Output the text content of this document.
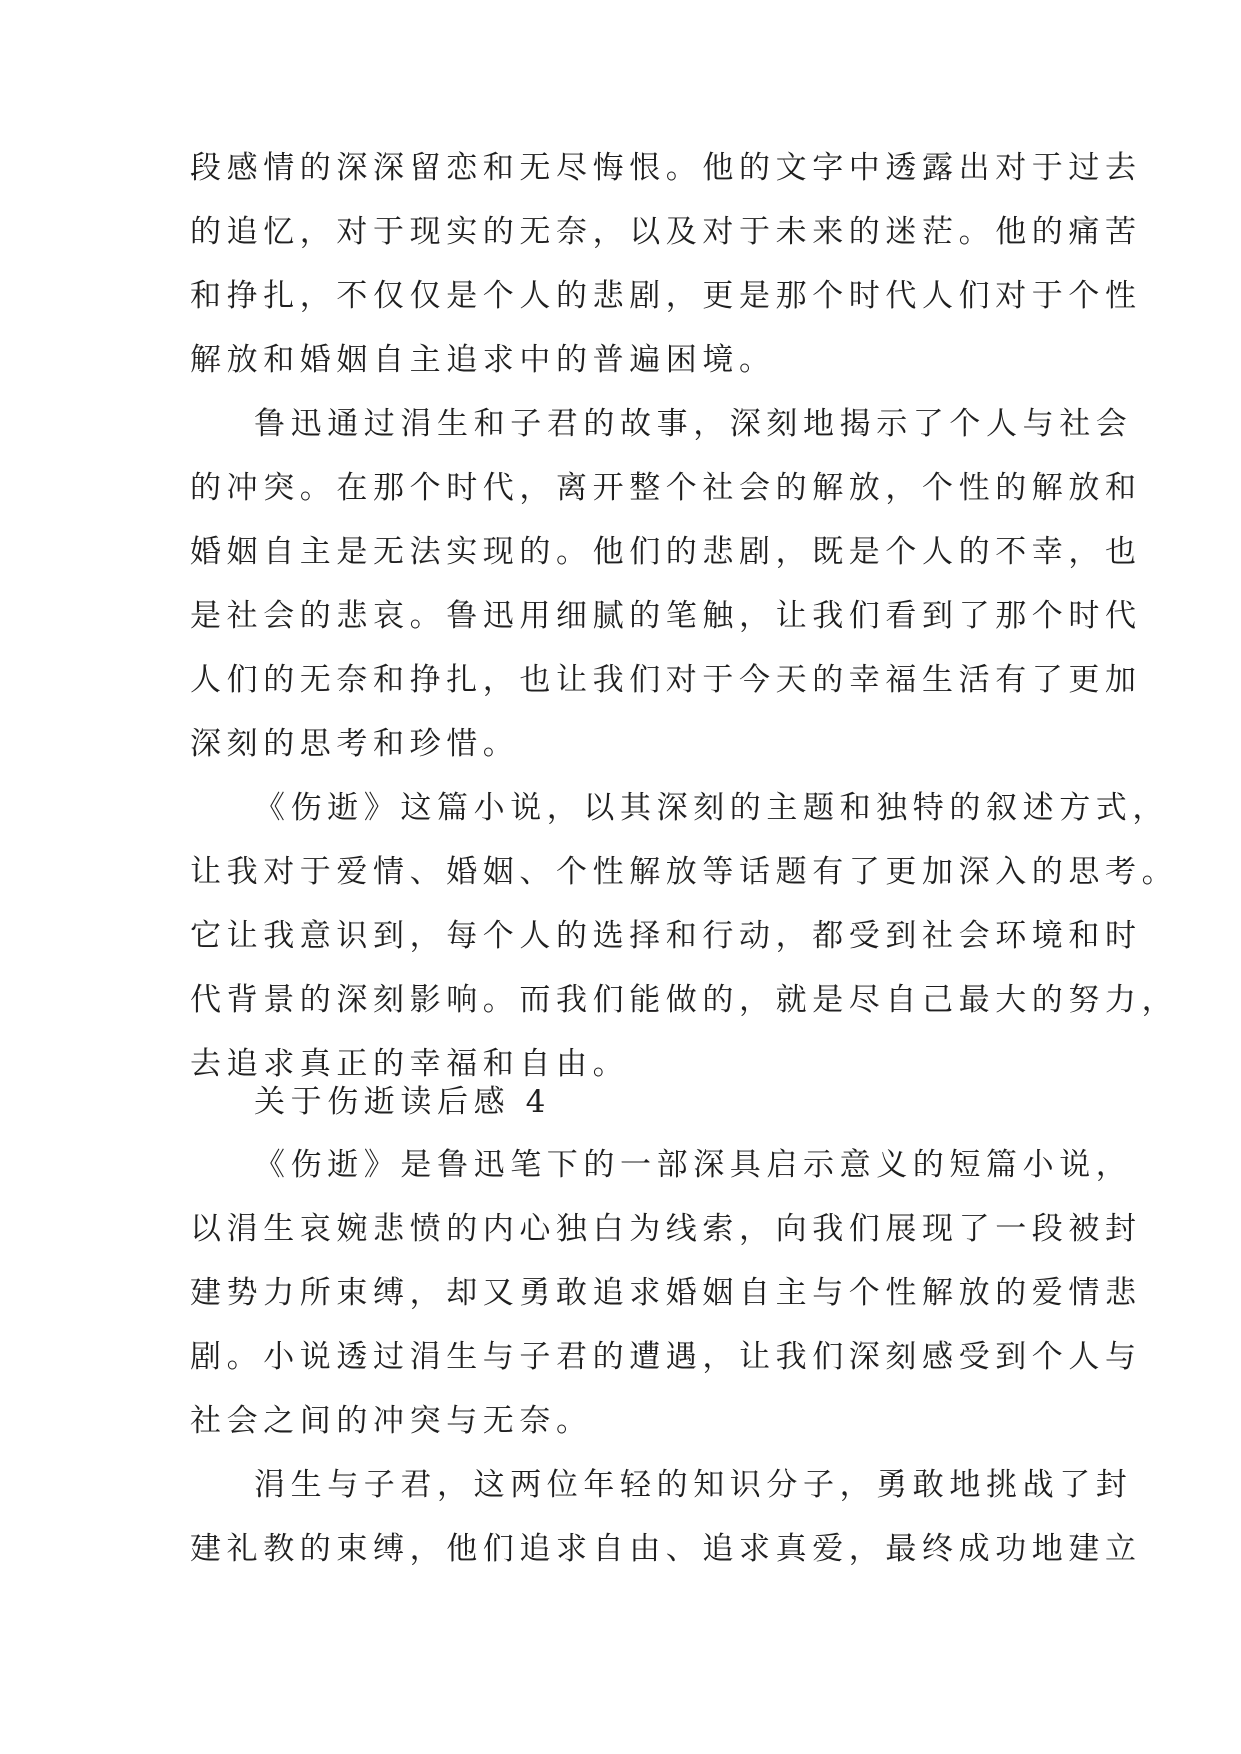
段感情的深深留恋和无尽悔恨。他的文字中透露出对于过去
的追忆，对于现实的无奈，以及对于未来的迷茫。他的痛苦
和挣扎，不仅仅是个人的悲剧，更是那个时代人们对于个性
解放和婚姻自主追求中的普遍困境。
鲁迅通过涓生和子君的故事，深刻地揭示了个人与社会
的冲突。在那个时代，离开整个社会的解放，个性的解放和
婚姻自主是无法实现的。他们的悲剧，既是个人的不幸，也
是社会的悲哀。鲁迅用细腻的笔触，让我们看到了那个时代
人们的无奈和挣扎，也让我们对于今天的幸福生活有了更加
深刻的思考和珍惜。
《伤逝》这篇小说，以其深刻的主题和独特的叙述方式，
让我对于爱情、婚姻、个性解放等话题有了更加深入的思考。
它让我意识到，每个人的选择和行动，都受到社会环境和时
代背景的深刻影响。而我们能做的，就是尽自己最大的努力，
去追求真正的幸福和自由。
关于伤逝读后感 4
《伤逝》是鲁迅笔下的一部深具启示意义的短篇小说，
以涓生哀婉悲愤的内心独白为线索，向我们展现了一段被封
建势力所束缚，却又勇敢追求婚姻自主与个性解放的爱情悲
剧。小说透过涓生与子君的遭遇，让我们深刻感受到个人与
社会之间的冲突与无奈。
涓生与子君，这两位年轻的知识分子，勇敢地挑战了封
建礼教的束缚，他们追求自由、追求真爱，最终成功地建立
